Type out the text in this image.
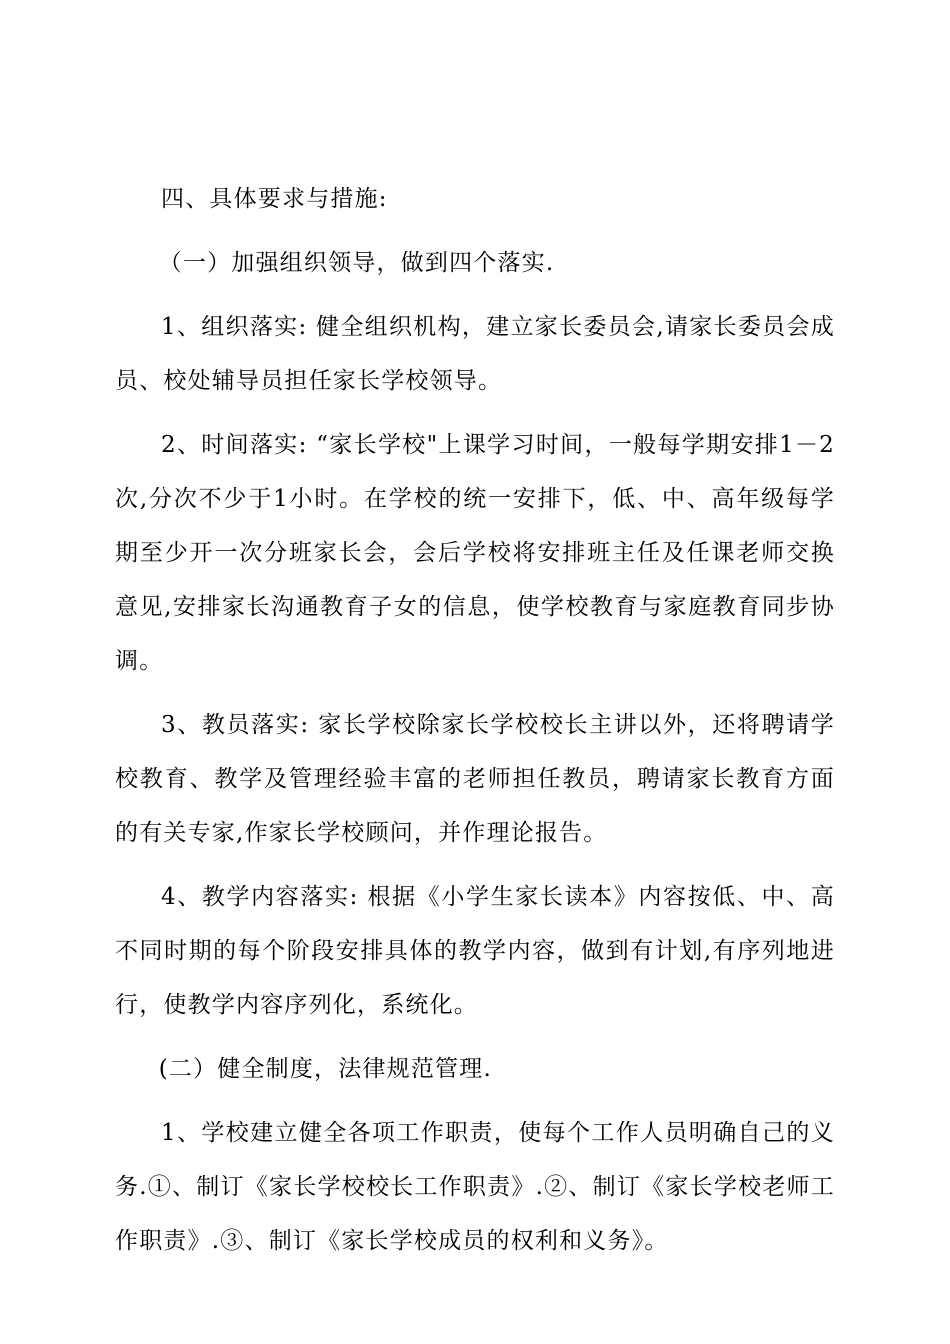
四、具体要求与措施:

（一）加强组织领导，做到四个落实.

1、组织落实: 健全组织机构，建立家长委员会,请家长委员会成员、校处辅导员担任家长学校领导。

2、时间落实: “家长学校"上课学习时间，一般每学期安排1－2次,分次不少于1小时。在学校的统一安排下，低、中、高年级每学期至少开一次分班家长会，会后学校将安排班主任及任课老师交换意见,安排家长沟通教育子女的信息，使学校教育与家庭教育同步协调。

3、教员落实: 家长学校除家长学校校长主讲以外，还将聘请学校教育、教学及管理经验丰富的老师担任教员，聘请家长教育方面的有关专家,作家长学校顾问，并作理论报告。

4、教学内容落实: 根据《小学生家长读本》内容按低、中、高不同时期的每个阶段安排具体的教学内容，做到有计划,有序列地进行，使教学内容序列化，系统化。

(二）健全制度，法律规范管理.

1、学校建立健全各项工作职责，使每个工作人员明确自己的义务.①、制订《家长学校校长工作职责》.②、制订《家长学校老师工作职责》.③、制订《家长学校成员的权利和义务》。
